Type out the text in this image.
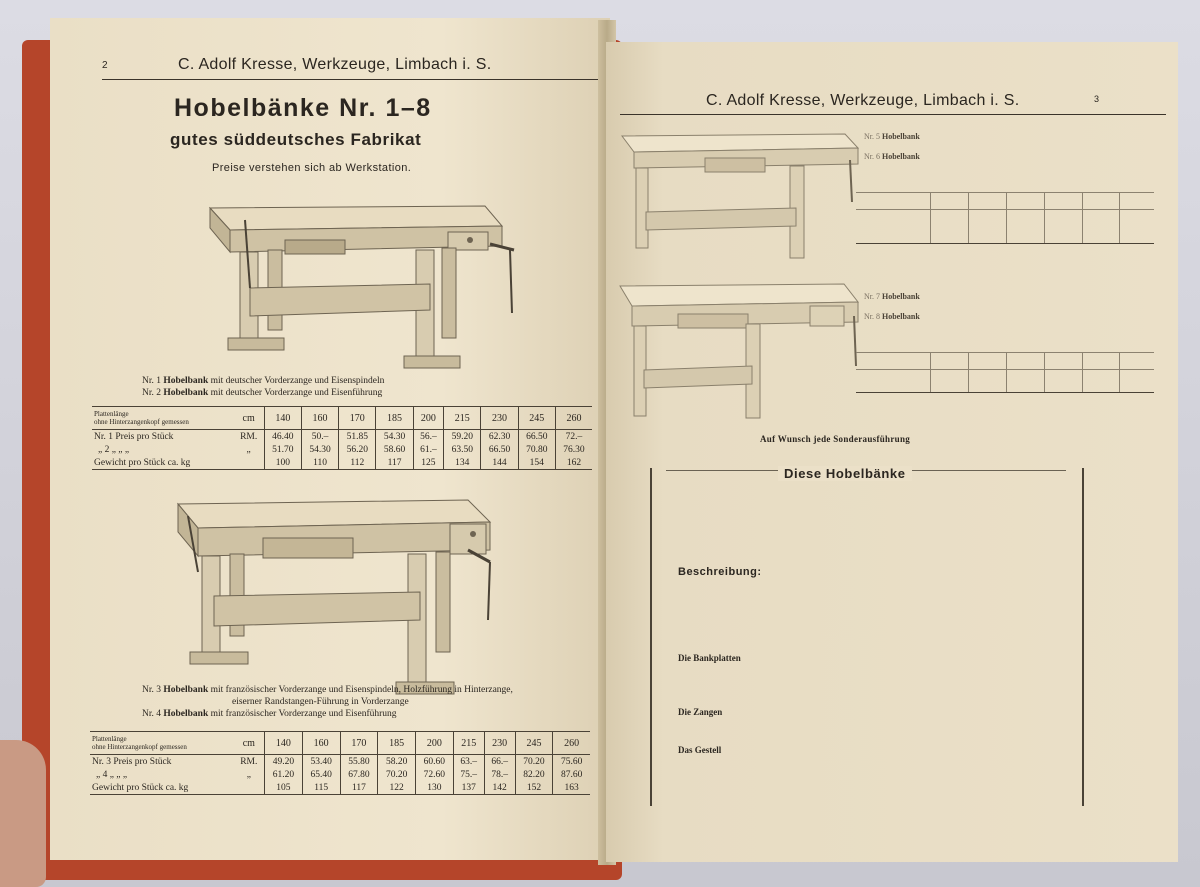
2	C. Adolf Kresse, Werkzeuge, Limbach i. S.
Hobelbänke Nr. 1–8
gutes süddeutsches Fabrikat
Preise verstehen sich ab Werkstation.
Nr. 1 Hobelbank mit deutscher Vorderzange und Eisenspindeln
Nr. 2 Hobelbank mit deutscher Vorderzange und Eisenführung
Plattenlänge
ohne Hinterzangenkopf gemessen	cm	140	160	170	185	200	215	230	245	260
Nr. 1 Preis pro Stück	RM.	46.40	50.–	51.85	54.30	56.–	59.20	62.30	66.50	72.–
„ 2 „ „ „	„	51.70	54.30	56.20	58.60	61.–	63.50	66.50	70.80	76.30
Gewicht pro Stück ca. kg		100	110	112	117	125	134	144	154	162
Nr. 3 Hobelbank mit französischer Vorderzange und Eisenspindeln, Holzführung in Hinterzange,
eiserner Randstangen-Führung in Vorderzange
Nr. 4 Hobelbank mit französischer Vorderzange und Eisenführung
Plattenlänge
ohne Hinterzangenkopf gemessen	cm	140	160	170	185	200	215	230	245	260
Nr. 3 Preis pro Stück	RM.	49.20	53.40	55.80	58.20	60.60	63.–	66.–	70.20	75.60
„ 4 „ „ „	„	61.20	65.40	67.80	70.20	72.60	75.–	78.–	82.20	87.60
Gewicht pro Stück ca. kg		105	115	117	122	130	137	142	152	163
C. Adolf Kresse, Werkzeuge, Limbach i. S.	3
Nr. 5 Hobelbank
Nr. 6 Hobelbank

Nr. 7 Hobelbank
Nr. 8 Hobelbank

Auf Wunsch jede Sonderausführung
Diese Hobelbänke
Beschreibung:
Die Bankplatten
Die Zangen
Das Gestell
